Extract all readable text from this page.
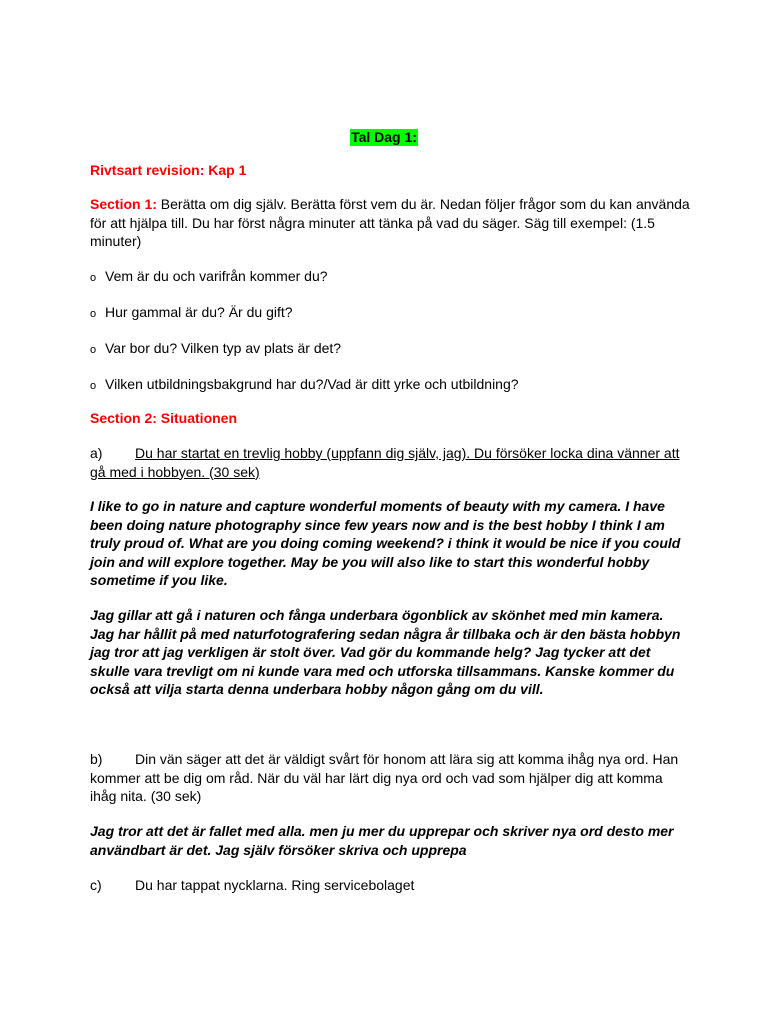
Tal Dag 1:

Rivtsart revision: Kap 1

Section 1: Berätta om dig själv. Berätta först vem du är. Nedan följer frågor som du kan använda för att hjälpa till. Du har först några minuter att tänka på vad du säger. Säg till exempel: (1.5 minuter)

o Vem är du och varifrån kommer du?

o Hur gammal är du? Är du gift?

o Var bor du? Vilken typ av plats är det?

o Vilken utbildningsbakgrund har du?/Vad är ditt yrke och utbildning?

Section 2: Situationen

a) Du har startat en trevlig hobby (uppfann dig själv, jag). Du försöker locka dina vänner att gå med i hobbyen. (30 sek)

I like to go in nature and capture wonderful moments of beauty with my camera. I have been doing nature photography since few years now and is the best hobby I think I am truly proud of. What are you doing coming weekend? i think it would be nice if you could join and will explore together. May be you will also like to start this wonderful hobby sometime if you like.

Jag gillar att gå i naturen och fånga underbara ögonblick av skönhet med min kamera. Jag har hållit på med naturfotografering sedan några år tillbaka och är den bästa hobbyn jag tror att jag verkligen är stolt över. Vad gör du kommande helg? Jag tycker att det skulle vara trevligt om ni kunde vara med och utforska tillsammans. Kanske kommer du också att vilja starta denna underbara hobby någon gång om du vill.

b) Din vän säger att det är väldigt svårt för honom att lära sig att komma ihåg nya ord. Han kommer att be dig om råd. När du väl har lärt dig nya ord och vad som hjälper dig att komma ihåg nita. (30 sek)

Jag tror att det är fallet med alla. men ju mer du upprepar och skriver nya ord desto mer användbart är det. Jag själv försöker skriva och upprepa

c) Du har tappat nycklarna. Ring servicebolaget
